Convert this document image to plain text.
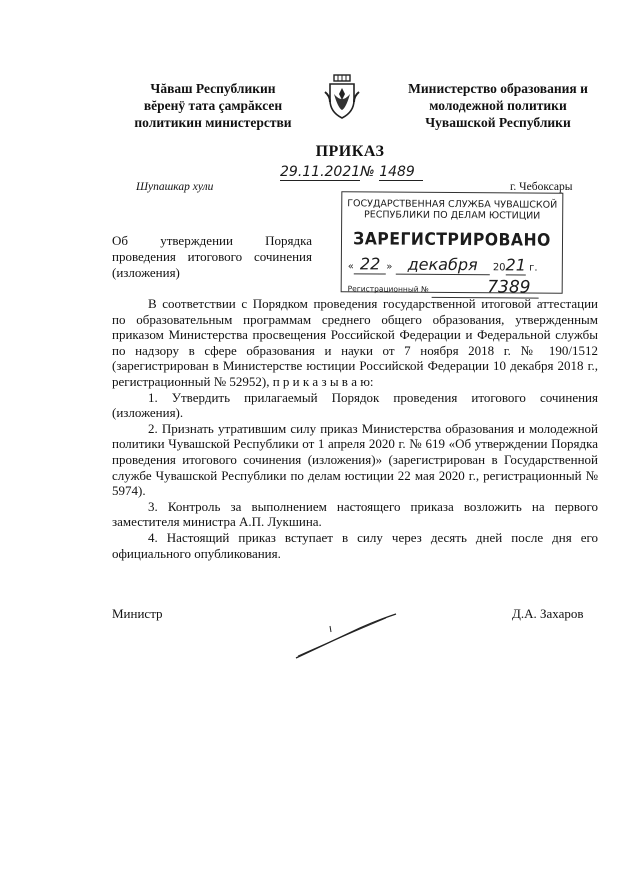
Чăваш Республикин
вĕренÿ тата çамрăксен
политикин министерстви
Министерство образования и
молодежной политики
Чувашской Республики
ПРИКАЗ
29.11.2021№ 1489
Шупашкар хули	г. Чебоксары
ГОСУДАРСТВЕННАЯ СЛУЖБА ЧУВАШСКОЙ
РЕСПУБЛИКИ ПО ДЕЛАМ ЮСТИЦИИ
ЗАРЕГИСТРИРОВАНО
« 22 » декабря 2021 г.
Регистрационный №	7389
Об утверждении Порядка проведения итогового сочинения (изложения)

В соответствии с Порядком проведения государственной итоговой аттестации по образовательным программам среднего общего образования, утвержденным приказом Министерства просвещения Российской Федерации и Федеральной службы по надзору в сфере образования и науки от 7 ноября 2018 г. № 190/1512 (зарегистрирован в Министерстве юстиции Российской Федерации 10 декабря 2018 г., регистрационный № 52952), п р и к а з ы в а ю:

1. Утвердить прилагаемый Порядок проведения итогового сочинения (изложения).

2. Признать утратившим силу приказ Министерства образования и молодежной политики Чувашской Республики от 1 апреля 2020 г. № 619 «Об утверждении Порядка проведения итогового сочинения (изложения)» (зарегистрирован в Государственной службе Чувашской Республики по делам юстиции 22 мая 2020 г., регистрационный № 5974).

3. Контроль за выполнением настоящего приказа возложить на первого заместителя министра А.П. Лукшина.

4. Настоящий приказ вступает в силу через десять дней после дня его официального опубликования.

Министр	Д.А. Захаров
